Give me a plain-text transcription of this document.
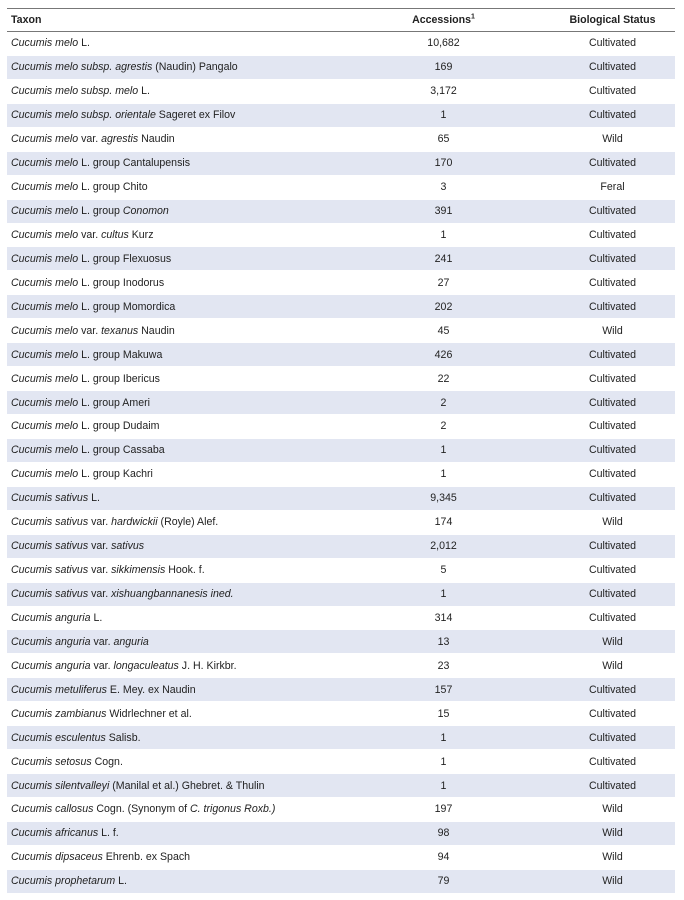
Taxon	Accessions$^1$	Biological Status
Cucumis melo L.	10,682	Cultivated
Cucumis melo subsp. agrestis (Naudin) Pangalo	169	Cultivated
Cucumis melo subsp. melo L.	3,172	Cultivated
Cucumis melo subsp. orientale Sageret ex Filov	1	Cultivated
Cucumis melo var. agrestis Naudin	65	Wild
Cucumis melo L. group Cantalupensis	170	Cultivated
Cucumis melo L. group Chito	3	Feral
Cucumis melo L. group Conomon	391	Cultivated
Cucumis melo var. cultus Kurz	1	Cultivated
Cucumis melo L. group Flexuosus	241	Cultivated
Cucumis melo L. group Inodorus	27	Cultivated
Cucumis melo L. group Momordica	202	Cultivated
Cucumis melo var. texanus Naudin	45	Wild
Cucumis melo L. group Makuwa	426	Cultivated
Cucumis melo L. group Ibericus	22	Cultivated
Cucumis melo L. group Ameri	2	Cultivated
Cucumis melo L. group Dudaim	2	Cultivated
Cucumis melo L. group Cassaba	1	Cultivated
Cucumis melo L. group Kachri	1	Cultivated
Cucumis sativus L.	9,345	Cultivated
Cucumis sativus var. hardwickii (Royle) Alef.	174	Wild
Cucumis sativus var. sativus	2,012	Cultivated
Cucumis sativus var. sikkimensis Hook. f.	5	Cultivated
Cucumis sativus var. xishuangbannanesis ined.	1	Cultivated
Cucumis anguria L.	314	Cultivated
Cucumis anguria var. anguria	13	Wild
Cucumis anguria var. longaculeatus J. H. Kirkbr.	23	Wild
Cucumis metuliferus E. Mey. ex Naudin	157	Cultivated
Cucumis zambianus Widrlechner et al.	15	Cultivated
Cucumis esculentus Salisb.	1	Cultivated
Cucumis setosus Cogn.	1	Cultivated
Cucumis silentvalleyi (Manilal et al.) Ghebret. & Thulin	1	Cultivated
Cucumis callosus Cogn. (Synonym of C. trigonus Roxb.)	197	Wild
Cucumis africanus L. f.	98	Wild
Cucumis dipsaceus Ehrenb. ex Spach	94	Wild
Cucumis prophetarum L.	79	Wild
